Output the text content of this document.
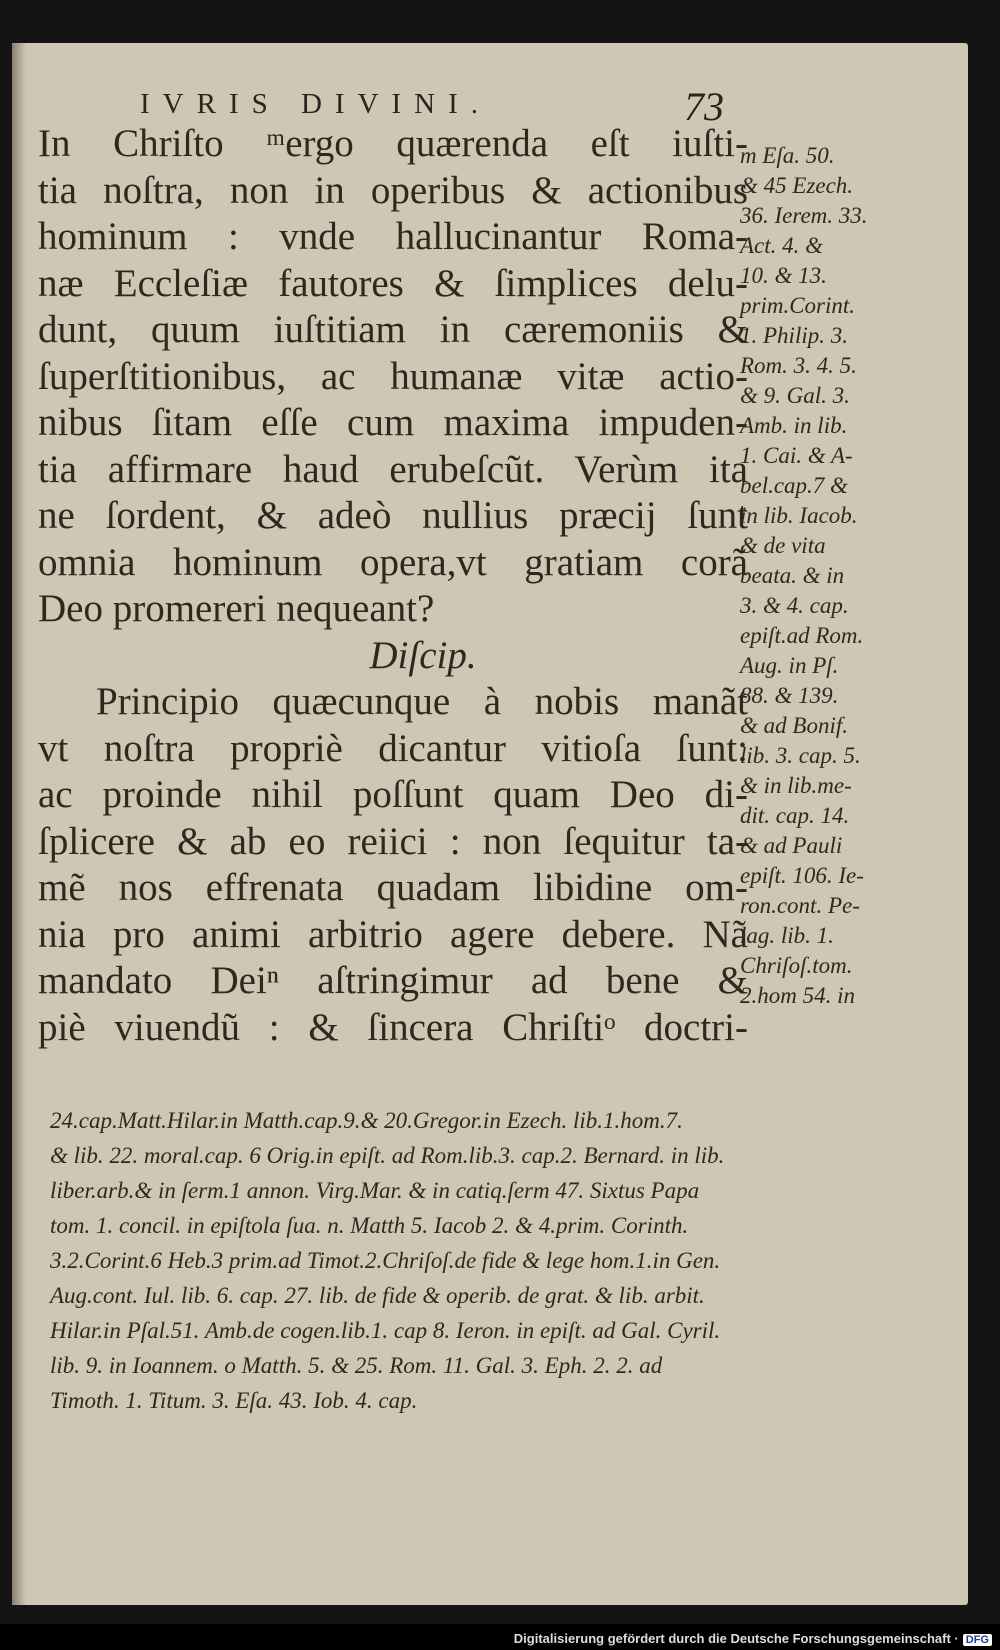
IVRIS DIVINI.	73
In Chriſto ᵐergo quærenda eſt iuſti-
tia noſtra, non in operibus & actionibus
hominum : vnde hallucinantur Roma-
næ Eccleſiæ fautores & ſimplices delu-
dunt, quum iuſtitiam in cæremoniis &
ſuperſtitionibus, ac humanæ vitæ actio-
nibus ſitam eſſe cum maxima impuden-
tia affirmare haud erubeſcũt. Verùm ita
ne ſordent, & adeò nullius præcij ſunt
omnia hominum opera,vt gratiam corã
Deo promereri nequeant?
Diſcip.
Principio quæcunque à nobis manãt
vt noſtra propriè dicantur vitioſa ſunt:
ac proinde nihil poſſunt quam Deo di-
ſplicere & ab eo reiici : non ſequitur ta-
mẽ nos effrenata quadam libidine om-
nia pro animi arbitrio agere debere. Nã
mandato Deiⁿ aſtringimur ad bene &
piè viuendũ : & ſincera Chriſtiᵒ doctri-
m Eſa. 50.
& 45 Ezech.
36. Ierem. 33.
Act. 4. &
10. & 13.
prim.Corint.
1. Philip. 3.
Rom. 3. 4. 5.
& 9. Gal. 3.
Amb. in lib.
1. Cai. & A-
bel.cap.7 &
in lib. Iacob.
& de vita
beata. & in
3. & 4. cap.
epiſt.ad Rom.
Aug. in Pſ.
88. & 139.
& ad Bonif.
lib. 3. cap. 5.
& in lib.me-
dit. cap. 14.
& ad Pauli
epiſt. 106. Ie-
ron.cont. Pe-
lag. lib. 1.
Chriſoſ.tom.
2.hom 54. in
24.cap.Matt.Hilar.in Matth.cap.9.& 20.Gregor.in Ezech. lib.1.hom.7.
& lib. 22. moral.cap. 6 Orig.in epiſt. ad Rom.lib.3. cap.2. Bernard. in lib.
liber.arb.& in ſerm.1 annon. Virg.Mar. & in catiq.ſerm 47. Sixtus Papa
tom. 1. concil. in epiſtola ſua. n. Matth 5. Iacob 2. & 4.prim. Corinth.
3.2.Corint.6 Heb.3 prim.ad Timot.2.Chriſoſ.de fide & lege hom.1.in Gen.
Aug.cont. Iul. lib. 6. cap. 27. lib. de fide & operib. de grat. & lib. arbit.
Hilar.in Pſal.51. Amb.de cogen.lib.1. cap 8. Ieron. in epiſt. ad Gal. Cyril.
lib. 9. in Ioannem. o Matth. 5. & 25. Rom. 11. Gal. 3. Eph. 2. 2. ad
Timoth. 1. Titum. 3. Eſa. 43. Iob. 4. cap.
Digitalisierung gefördert durch die Deutsche Forschungsgemeinschaft · DFG
